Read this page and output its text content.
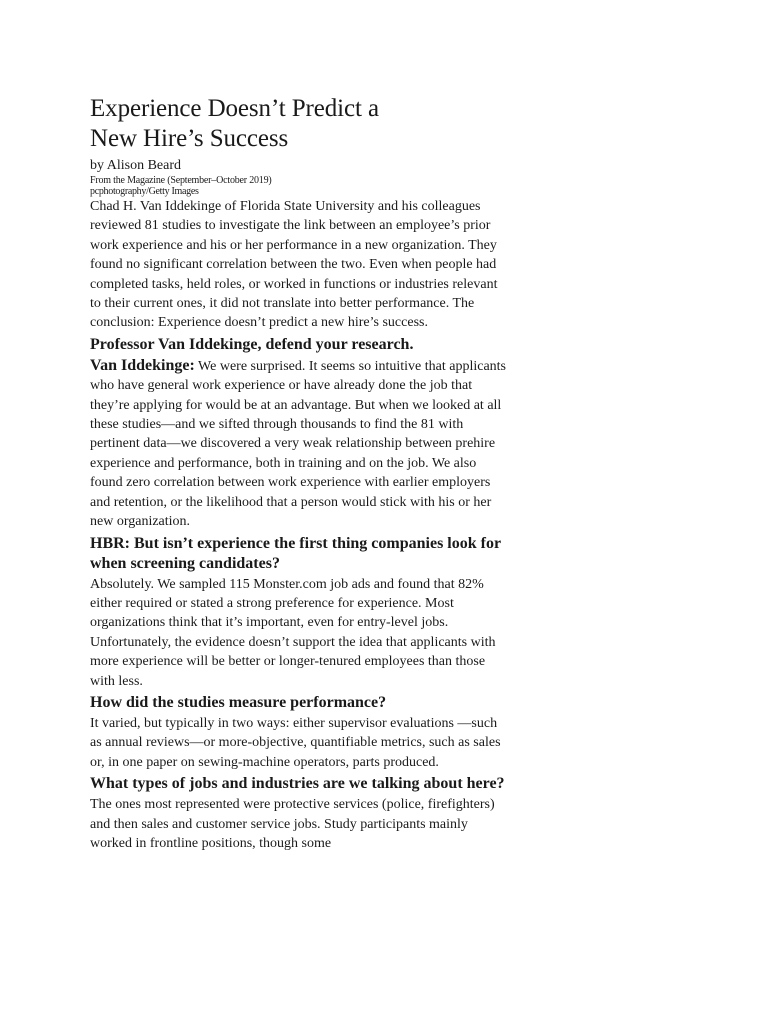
Experience Doesn’t Predict a
New Hire’s Success

by Alison Beard

From the Magazine (September–October 2019)

pcphotography/Getty Images

Chad H. Van Iddekinge of Florida State University and his colleagues reviewed 81 studies to investigate the link between an employee’s prior work experience and his or her performance in a new organization. They found no significant correlation between the two. Even when people had completed tasks, held roles, or worked in functions or industries relevant to their current ones, it did not translate into better performance. The conclusion: Experience doesn’t predict a new hire’s success.

Professor Van Iddekinge, defend your research.

Van Iddekinge: We were surprised. It seems so intuitive that applicants who have general work experience or have already done the job that they’re applying for would be at an advantage. But when we looked at all these studies—and we sifted through thousands to find the 81 with pertinent data—we discovered a very weak relationship between prehire experience and performance, both in training and on the job. We also found zero correlation between work experience with earlier employers and retention, or the likelihood that a person would stick with his or her new organization.

HBR: But isn’t experience the first thing companies look for when screening candidates?

Absolutely. We sampled 115 Monster.com job ads and found that 82% either required or stated a strong preference for experience. Most organizations think that it’s important, even for entry-level jobs. Unfortunately, the evidence doesn’t support the idea that applicants with more experience will be better or longer-tenured employees than those with less.

How did the studies measure performance?

It varied, but typically in two ways: either supervisor evaluations —such as annual reviews—or more-objective, quantifiable metrics, such as sales or, in one paper on sewing-machine operators, parts produced.

What types of jobs and industries are we talking about here?

The ones most represented were protective services (police, firefighters) and then sales and customer service jobs. Study participants mainly worked in frontline positions, though some
